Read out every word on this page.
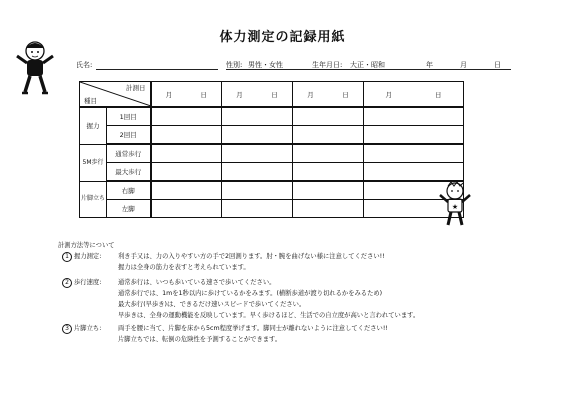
体力測定の記録用紙
★
氏名:	性別: 男性・女性	生年月日: 大正・昭和	年	月	日
計測日
種目		月 日	月 日	月 日	月 日
握力	1回目				
	2回目				
5M歩行	通常歩行				
	最大歩行				
片脚立ち	右脚				
	左脚				
計測方法等について
1 握力測定:	利き手又は、力の入りやすい方の手で2回測ります。肘・腕を曲げない様に注意してください!!
握力は全身の筋力を表すと考えられています。
2 歩行速度:	通常歩行は、いつも歩いている速さで歩いてください。
通常歩行では、1mを1秒以内に歩けているかをみます。(横断歩道が渡り切れるかをみるため)
最大歩行(早歩き)は、できるだけ速いスピードで歩いてください。
早歩きは、全身の運動機能を反映しています。早く歩けるほど、生活での自立度が高いと言われています。
3 片脚立ち:	両手を腰に当て、片脚を床から5cm程度挙げます。脚同士が離れないように注意してください!!
片脚立ちでは、転倒の危険性を予測することができます。
